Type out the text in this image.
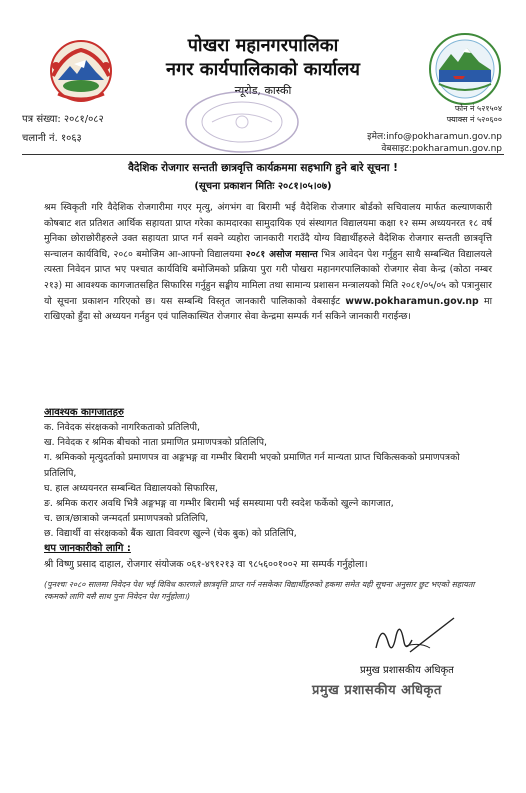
पोखरा महानगरपालिका
नगर कार्यपालिकाको कार्यालय
न्यूरोड, कास्की
पत्र संख्या: २०८१/०८२
चलानी नं. १०६३
फोन नं ५२१५०४
फ्याक्स नं ५२०६००
इमेल:info@pokharamun.gov.np
वेबसाइट:pokharamun.gov.np
वैदेशिक रोजगार सन्तती छात्रवृत्ति कार्यक्रममा सहभागि हुने बारे सूचना !
(सूचना प्रकाशन मितिः २०८१।०५।०७)
श्रम स्विकृती गरि वैदेशिक रोजगारीमा गएर मृत्यु, अंगभंग वा बिरामी भई वैदेशिक रोजगार बोर्डको सचिवालय मार्फत कल्याणकारी कोषबाट शत प्रतिशत आर्थिक सहायता प्राप्त गरेका कामदारका सामुदायिक एवं संस्थागत विद्यालयमा कक्षा १२ सम्म अध्ययनरत १८ वर्ष मुनिका छोराछोरीहरुले उक्त सहायता प्राप्त गर्न सक्ने व्यहोरा जानकारी गराउँदै योग्य विद्यार्थीहरुले वैदेशिक रोजगार सन्तती छात्रवृत्ति सन्चालन कार्यविधि, २०८० बमोजिम आ-आफ्नो विद्यालयमा २०८१ असोज मसान्त भित्र आवेदन पेश गर्नुहुन साथै सम्बन्धित विद्यालयले त्यस्ता निवेदन प्राप्त भए पश्चात कार्यविधि बमोजिमको प्रक्रिया पुरा गरी पोखरा महानगरपालिकाको रोजगार सेवा केन्द्र (कोठा नम्बर २१३) मा आवश्यक कागजातसहित सिफारिस गर्नुहुन सङ्घीय मामिला तथा सामान्य प्रशासन मन्त्रालयको मिति २०८१/०५/०५ को पत्रानुसार यो सूचना प्रकाशन गरिएको छ। यस सम्बन्धि विस्तृत जानकारी पालिकाको वेबसाईट www.pokharamun.gov.np मा राखिएको हुँदा सो अध्ययन गर्नहुन एवं पालिकास्थित रोजगार सेवा केन्द्रमा सम्पर्क गर्न सकिने जानकारी गराईन्छ।
आवश्यक कागजातहरु
क. निवेदक संरक्षकको नागरिकताको प्रतिलिपी,
ख. निवेदक र श्रमिक बीचको नाता प्रमाणित प्रमाणपत्रको प्रतिलिपि,
ग. श्रमिकको मृत्युदर्ताको प्रमाणपत्र वा अङ्गभङ्ग वा गम्भीर बिरामी भएको प्रमाणित गर्न मान्यता प्राप्त चिकित्सकको प्रमाणपत्रको प्रतिलिपि,
घ. हाल अध्ययनरत सम्बन्धित विद्यालयको सिफारिस,
ङ. श्रमिक करार अवधि भित्रै अङ्गभङ्ग वा गम्भीर बिरामी भई समस्यामा परी स्वदेश फर्केको खुल्ने कागजात,
च. छात्र/छात्राको जन्मदर्ता प्रमाणपत्रको प्रतिलिपि,
छ. विद्यार्थी वा संरक्षकको बैंक खाता विवरण खुल्ने (चेक बुक) को प्रतिलिपि,
थप जानकारीको लागि :
श्री विष्णु प्रसाद दाहाल, रोजगार संयोजक ०६१-४९१२१३ वा ९८५६००१००२ मा सम्पर्क गर्नुहोला।
(पुनश्चः २०८० सालमा निवेदन पेश भई विविध कारणले छात्रवृत्ति प्राप्त गर्न नसकेका विद्यार्थीहरुको हकमा समेत यही सूचना अनुसार छुट भएको सहायता रकमको लागि यसै साथ पुनः निवेदन पेश गर्नुहोला।)
प्रमुख प्रशासकीय अधिकृत
प्रमुख प्रशासकीय अधिकृत
